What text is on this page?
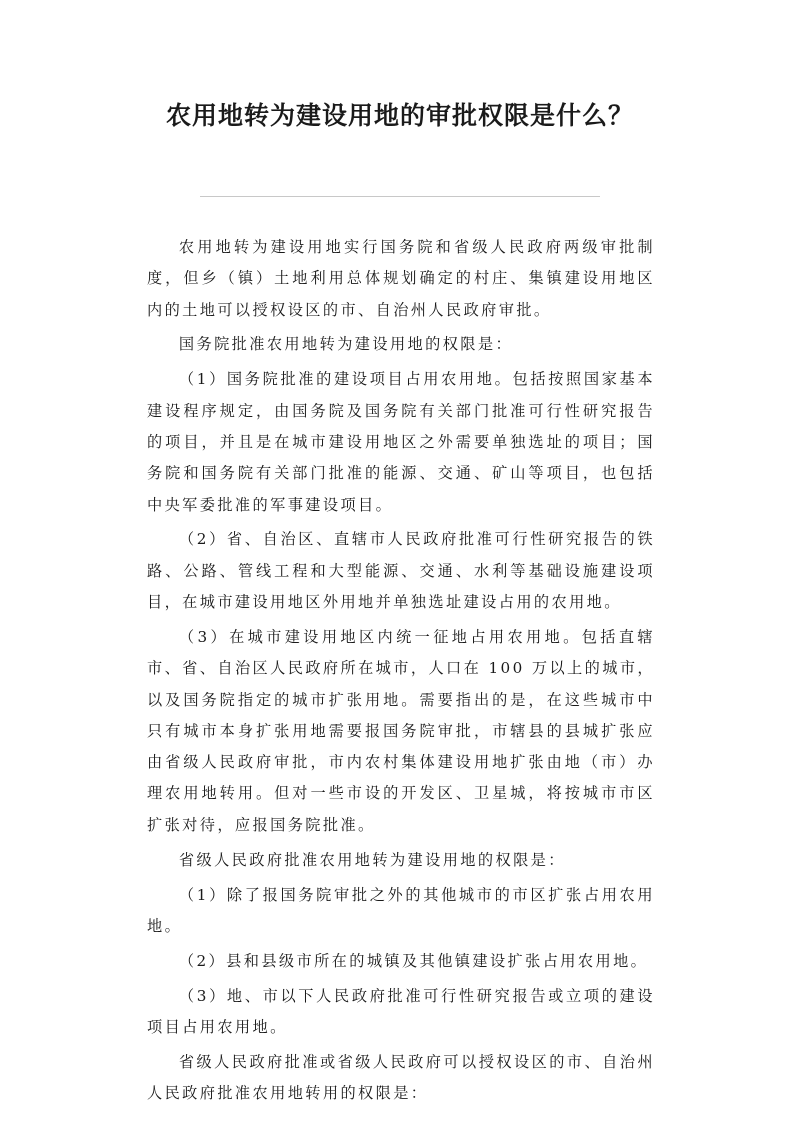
农用地转为建设用地的审批权限是什么？

农用地转为建设用地实行国务院和省级人民政府两级审批制度，但乡（镇）土地利用总体规划确定的村庄、集镇建设用地区内的土地可以授权设区的市、自治州人民政府审批。

国务院批准农用地转为建设用地的权限是：

（1）国务院批准的建设项目占用农用地。包括按照国家基本建设程序规定，由国务院及国务院有关部门批准可行性研究报告的项目，并且是在城市建设用地区之外需要单独选址的项目；国务院和国务院有关部门批准的能源、交通、矿山等项目，也包括中央军委批准的军事建设项目。

（2）省、自治区、直辖市人民政府批准可行性研究报告的铁路、公路、管线工程和大型能源、交通、水利等基础设施建设项目，在城市建设用地区外用地并单独选址建设占用的农用地。

（3）在城市建设用地区内统一征地占用农用地。包括直辖市、省、自治区人民政府所在城市，人口在 100 万以上的城市，以及国务院指定的城市扩张用地。需要指出的是，在这些城市中只有城市本身扩张用地需要报国务院审批，市辖县的县城扩张应由省级人民政府审批，市内农村集体建设用地扩张由地（市）办理农用地转用。但对一些市设的开发区、卫星城，将按城市市区扩张对待，应报国务院批准。

省级人民政府批准农用地转为建设用地的权限是：

（1）除了报国务院审批之外的其他城市的市区扩张占用农用地。

（2）县和县级市所在的城镇及其他镇建设扩张占用农用地。

（3）地、市以下人民政府批准可行性研究报告或立项的建设项目占用农用地。

省级人民政府批准或省级人民政府可以授权设区的市、自治州人民政府批准农用地转用的权限是：
